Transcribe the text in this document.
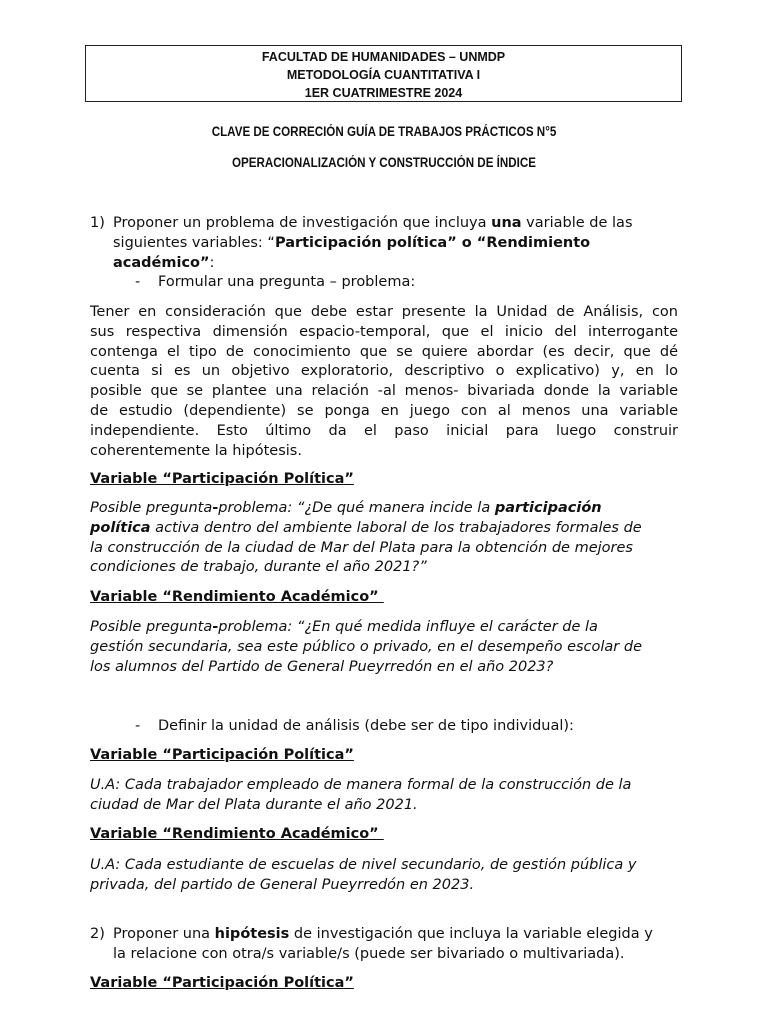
FACULTAD DE HUMANIDADES – UNMDP
METODOLOGÍA CUANTITATIVA I
1ER CUATRIMESTRE 2024
CLAVE DE CORRECIÓN GUÍA DE TRABAJOS PRÁCTICOS N°5
OPERACIONALIZACIÓN Y CONSTRUCCIÓN DE ÍNDICE
1) Proponer un problema de investigación que incluya una variable de las
siguientes variables: “Participación política” o “Rendimiento
académico”:
- Formular una pregunta – problema:
Tener en consideración que debe estar presente la Unidad de Análisis, con
sus respectiva dimensión espacio-temporal, que el inicio del interrogante
contenga el tipo de conocimiento que se quiere abordar (es decir, que dé
cuenta si es un objetivo exploratorio, descriptivo o explicativo) y, en lo
posible que se plantee una relación -al menos- bivariada donde la variable
de estudio (dependiente) se ponga en juego con al menos una variable
independiente. Esto último da el paso inicial para luego construir
coherentemente la hipótesis.
Variable “Participación Política”
Posible pregunta-problema: “¿De qué manera incide la participación
política activa dentro del ambiente laboral de los trabajadores formales de
la construcción de la ciudad de Mar del Plata para la obtención de mejores
condiciones de trabajo, durante el año 2021?”
Variable “Rendimiento Académico”
Posible pregunta-problema: “¿En qué medida influye el carácter de la
gestión secundaria, sea este público o privado, en el desempeño escolar de
los alumnos del Partido de General Pueyrredón en el año 2023?
- Definir la unidad de análisis (debe ser de tipo individual):
Variable “Participación Política”
U.A: Cada trabajador empleado de manera formal de la construcción de la
ciudad de Mar del Plata durante el año 2021.
Variable “Rendimiento Académico”
U.A: Cada estudiante de escuelas de nivel secundario, de gestión pública y
privada, del partido de General Pueyrredón en 2023.
2) Proponer una hipótesis de investigación que incluya la variable elegida y
la relacione con otra/s variable/s (puede ser bivariado o multivariada).
Variable “Participación Política”
